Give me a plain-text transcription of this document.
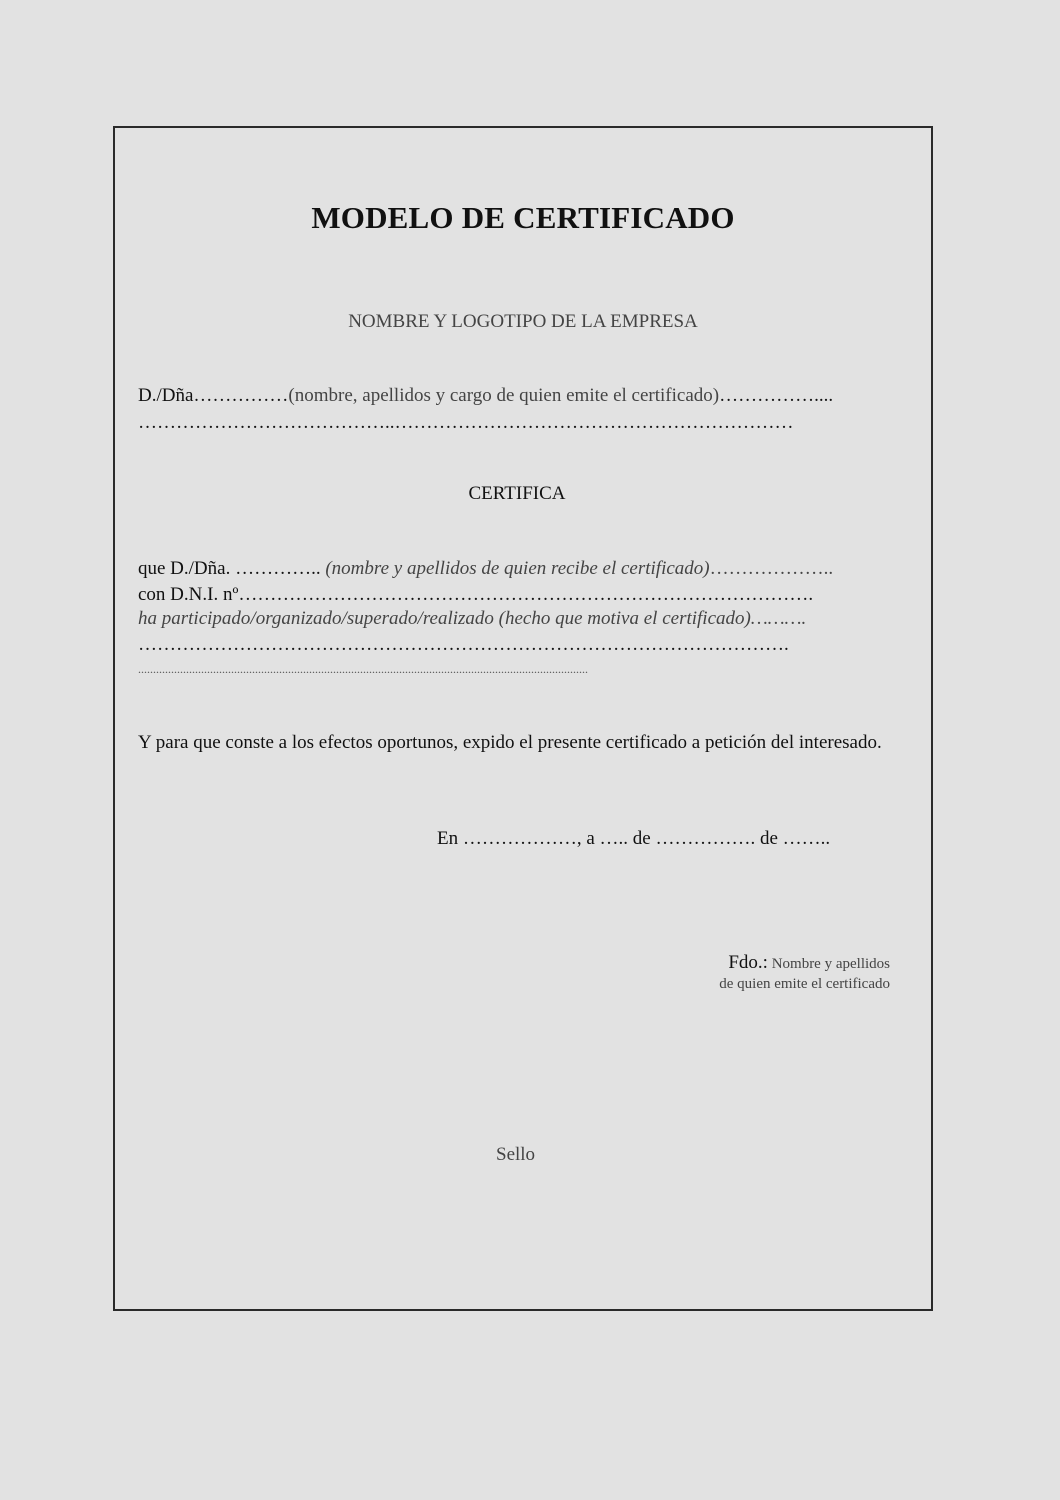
MODELO DE CERTIFICADO
NOMBRE Y LOGOTIPO DE LA EMPRESA
D./Dña……………(nombre, apellidos y cargo de quien emite el certificado)……………....
…………………………………..………………………………………………………
CERTIFICA
que D./Dña. ………….. (nombre y apellidos de quien recibe el certificado)………………..
con D.N.I. nº……………………………………………………………………………….
ha participado/organizado/superado/realizado (hecho que motiva el certificado)……….
………………………………………………………………………………………….
......................................................................................................................................................
Y para que conste a los efectos oportunos, expido el presente certificado a petición del interesado.
En ………………, a ….. de ……………. de ……..
Fdo.: Nombre y apellidos
de quien emite el certificado
Sello
